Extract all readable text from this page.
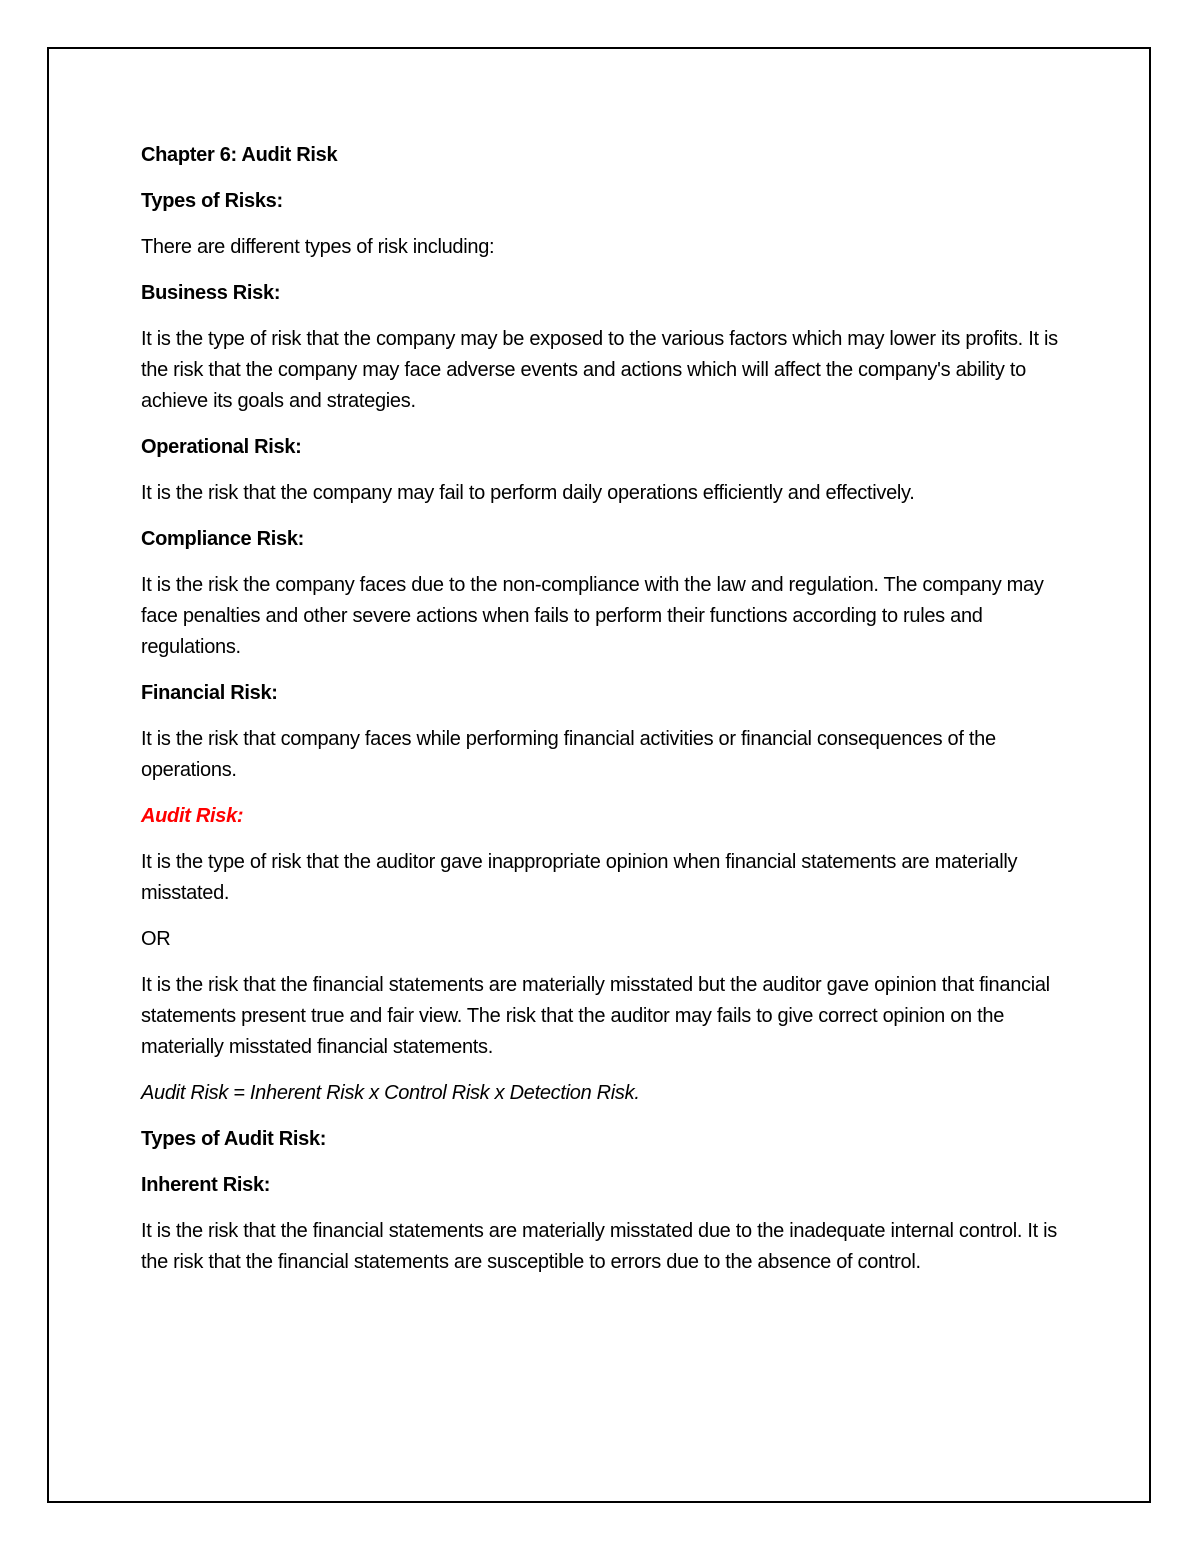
Chapter 6: Audit Risk

Types of Risks:

There are different types of risk including:

Business Risk:

It is the type of risk that the company may be exposed to the various factors which may lower its profits. It is the risk that the company may face adverse events and actions which will affect the company's ability to achieve its goals and strategies.

Operational Risk:

It is the risk that the company may fail to perform daily operations efficiently and effectively.

Compliance Risk:

It is the risk the company faces due to the non-compliance with the law and regulation. The company may face penalties and other severe actions when fails to perform their functions according to rules and regulations.

Financial Risk:

It is the risk that company faces while performing financial activities or financial consequences of the operations.

Audit Risk:

It is the type of risk that the auditor gave inappropriate opinion when financial statements are materially misstated.

OR

It is the risk that the financial statements are materially misstated but the auditor gave opinion that financial statements present true and fair view. The risk that the auditor may fails to give correct opinion on the materially misstated financial statements.

Audit Risk = Inherent Risk x Control Risk x Detection Risk.

Types of Audit Risk:

Inherent Risk:

It is the risk that the financial statements are materially misstated due to the inadequate internal control. It is the risk that the financial statements are susceptible to errors due to the absence of control.
